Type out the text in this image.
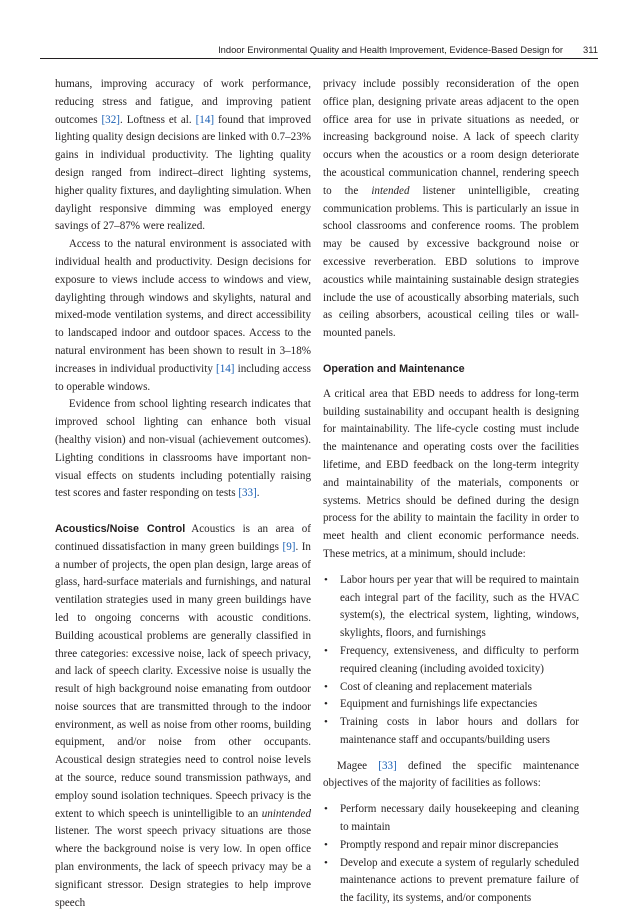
Indoor Environmental Quality and Health Improvement, Evidence-Based Design for 311

humans, improving accuracy of work performance, reducing stress and fatigue, and improving patient outcomes [32]. Loftness et al. [14] found that improved lighting quality design decisions are linked with 0.7–23% gains in individual productivity. The lighting quality design ranged from indirect–direct lighting systems, higher quality fixtures, and daylighting simulation. When daylight responsive dimming was employed energy savings of 27–87% were realized.

Access to the natural environment is associated with individual health and productivity. Design decisions for exposure to views include access to windows and view, daylighting through windows and skylights, natural and mixed-mode ventilation systems, and direct accessibility to landscaped indoor and outdoor spaces. Access to the natural environment has been shown to result in 3–18% increases in individual productivity [14] including access to operable windows.

Evidence from school lighting research indicates that improved school lighting can enhance both visual (healthy vision) and non-visual (achievement outcomes). Lighting conditions in classrooms have important non-visual effects on students including potentially raising test scores and faster responding on tests [33].

Acoustics/Noise Control Acoustics is an area of continued dissatisfaction in many green buildings [9]. In a number of projects, the open plan design, large areas of glass, hard-surface materials and furnishings, and natural ventilation strategies used in many green buildings have led to ongoing concerns with acoustic conditions. Building acoustical problems are generally classified in three categories: excessive noise, lack of speech privacy, and lack of speech clarity. Excessive noise is usually the result of high background noise emanating from outdoor noise sources that are transmitted through to the indoor environment, as well as noise from other rooms, building equipment, and/or noise from other occupants. Acoustical design strategies need to control noise levels at the source, reduce sound transmission pathways, and employ sound isolation techniques. Speech privacy is the extent to which speech is unintelligible to an unintended listener. The worst speech privacy situations are those where the background noise is very low. In open office plan environments, the lack of speech privacy may be a significant stressor. Design strategies to help improve speech

privacy include possibly reconsideration of the open office plan, designing private areas adjacent to the open office area for use in private situations as needed, or increasing background noise. A lack of speech clarity occurs when the acoustics or a room design deteriorate the acoustical communication channel, rendering speech to the intended listener unintelligible, creating communication problems. This is particularly an issue in school classrooms and conference rooms. The problem may be caused by excessive background noise or excessive reverberation. EBD solutions to improve acoustics while maintaining sustainable design strategies include the use of acoustically absorbing materials, such as ceiling absorbers, acoustical ceiling tiles or wall-mounted panels.

Operation and Maintenance

A critical area that EBD needs to address for long-term building sustainability and occupant health is designing for maintainability. The life-cycle costing must include the maintenance and operating costs over the facilities lifetime, and EBD feedback on the long-term integrity and maintainability of the materials, components or systems. Metrics should be defined during the design process for the ability to maintain the facility in order to meet health and client economic performance needs. These metrics, at a minimum, should include:

• Labor hours per year that will be required to maintain each integral part of the facility, such as the HVAC system(s), the electrical system, lighting, windows, skylights, floors, and furnishings
• Frequency, extensiveness, and difficulty to perform required cleaning (including avoided toxicity)
• Cost of cleaning and replacement materials
• Equipment and furnishings life expectancies
• Training costs in labor hours and dollars for maintenance staff and occupants/building users

Magee [33] defined the specific maintenance objectives of the majority of facilities as follows:

• Perform necessary daily housekeeping and cleaning to maintain
• Promptly respond and repair minor discrepancies
• Develop and execute a system of regularly scheduled maintenance actions to prevent premature failure of the facility, its systems, and/or components
